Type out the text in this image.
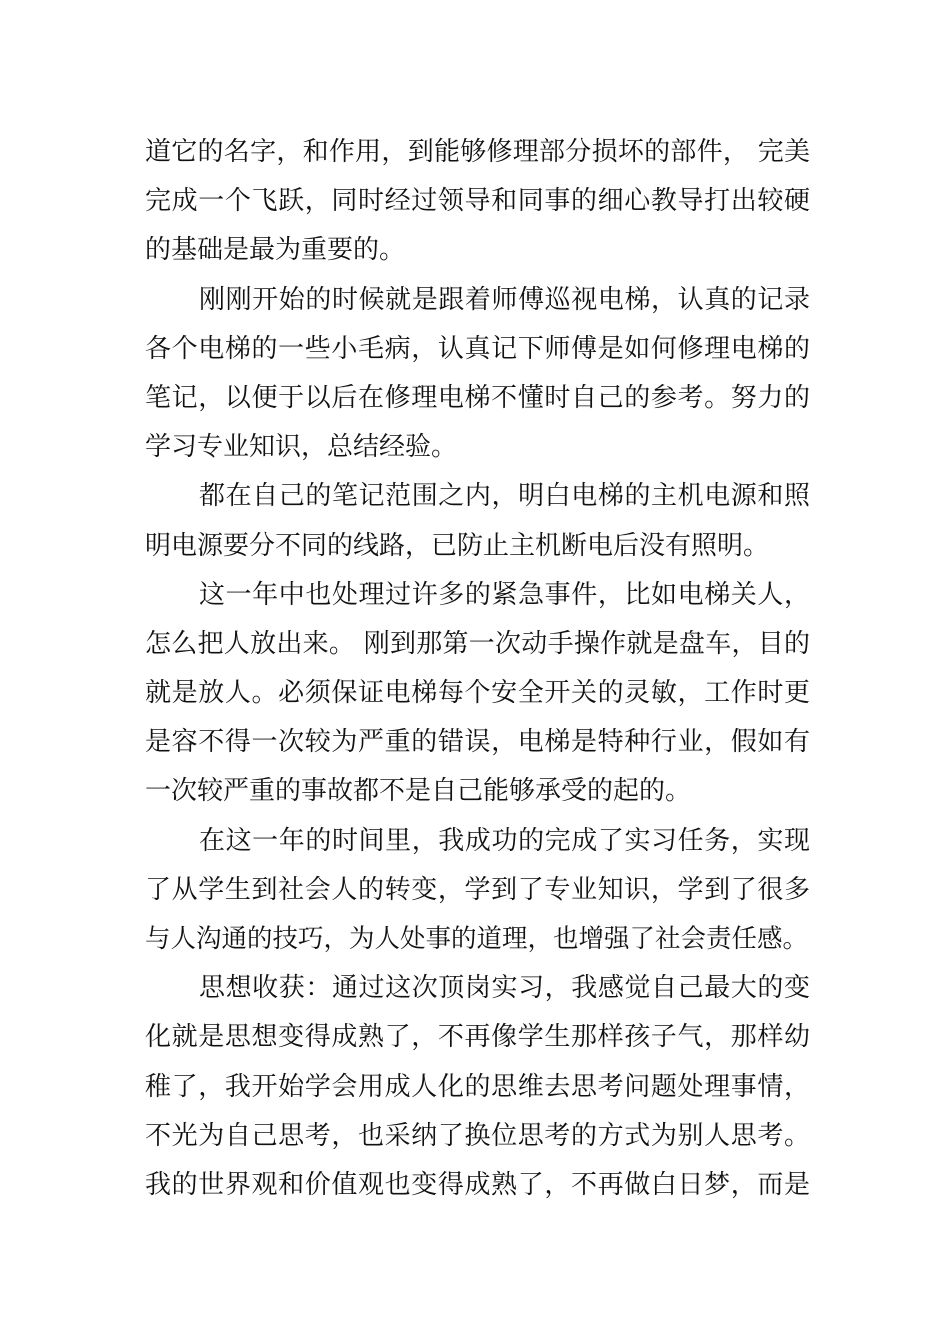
道它的名字，和作用，到能够修理部分损坏的部件， 完美
完成一个飞跃，同时经过领导和同事的细心教导打出较硬
的基础是最为重要的。
刚刚开始的时候就是跟着师傅巡视电梯，认真的记录
各个电梯的一些小毛病，认真记下师傅是如何修理电梯的
笔记，以便于以后在修理电梯不懂时自己的参考。努力的
学习专业知识，总结经验。
都在自己的笔记范围之内，明白电梯的主机电源和照
明电源要分不同的线路，已防止主机断电后没有照明。
这一年中也处理过许多的紧急事件，比如电梯关人，
怎么把人放出来。 刚到那第一次动手操作就是盘车，目的
就是放人。必须保证电梯每个安全开关的灵敏，工作时更
是容不得一次较为严重的错误，电梯是特种行业，假如有
一次较严重的事故都不是自己能够承受的起的。
在这一年的时间里，我成功的完成了实习任务，实现
了从学生到社会人的转变，学到了专业知识，学到了很多
与人沟通的技巧，为人处事的道理，也增强了社会责任感。
思想收获：通过这次顶岗实习，我感觉自己最大的变
化就是思想变得成熟了，不再像学生那样孩子气，那样幼
稚了，我开始学会用成人化的思维去思考问题处理事情，
不光为自己思考，也采纳了换位思考的方式为别人思考。
我的世界观和价值观也变得成熟了，不再做白日梦，而是
